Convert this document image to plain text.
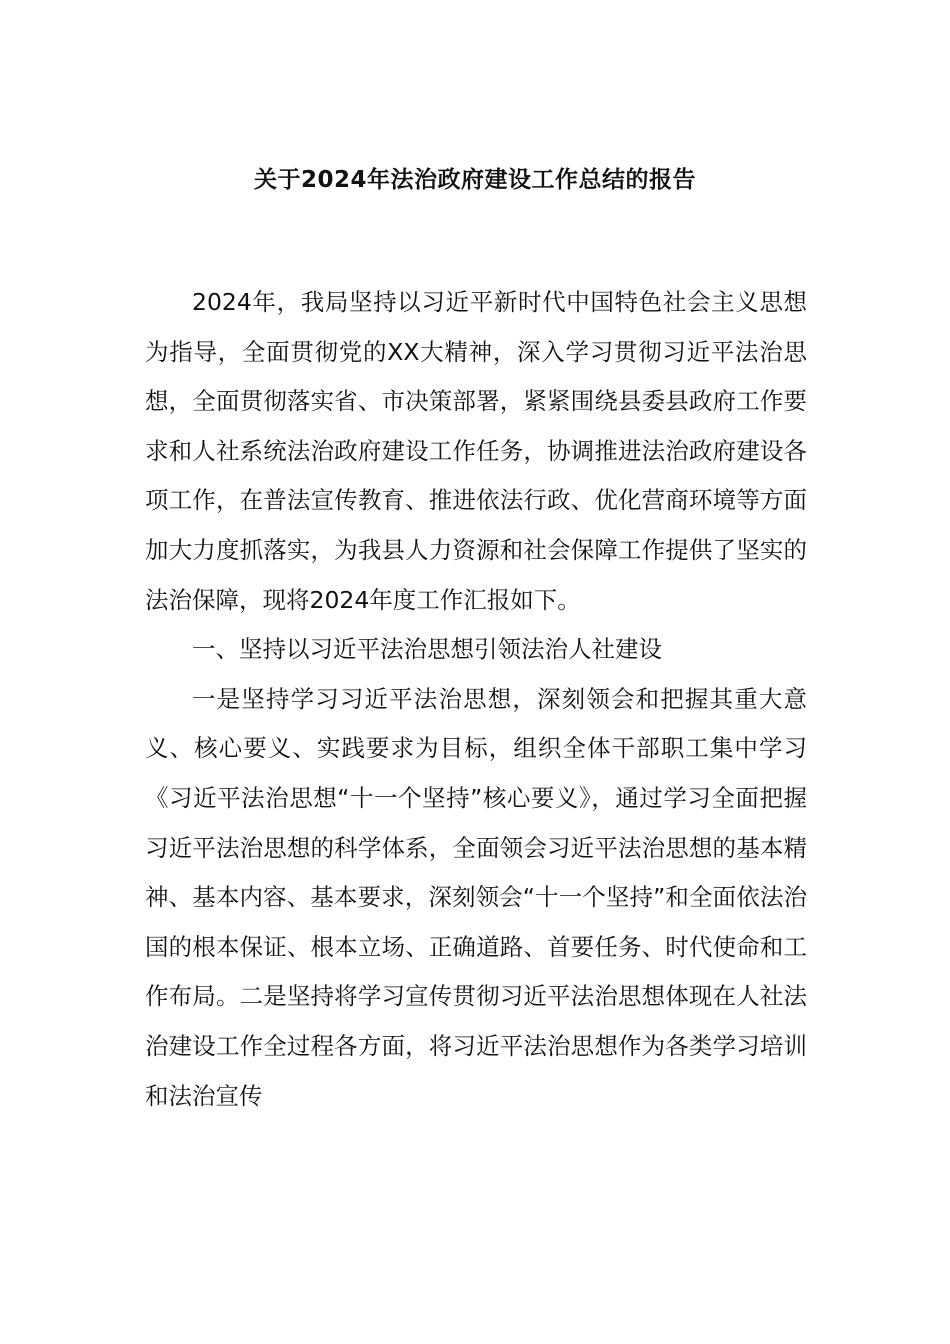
关于2024年法治政府建设工作总结的报告

2024年，我局坚持以习近平新时代中国特色社会主义思想为指导，全面贯彻党的XX大精神，深入学习贯彻习近平法治思想，全面贯彻落实省、市决策部署，紧紧围绕县委县政府工作要求和人社系统法治政府建设工作任务，协调推进法治政府建设各项工作，在普法宣传教育、推进依法行政、优化营商环境等方面加大力度抓落实，为我县人力资源和社会保障工作提供了坚实的法治保障，现将2024年度工作汇报如下。

一、坚持以习近平法治思想引领法治人社建设

一是坚持学习习近平法治思想，深刻领会和把握其重大意义、核心要义、实践要求为目标，组织全体干部职工集中学习《习近平法治思想“十一个坚持”核心要义》，通过学习全面把握习近平法治思想的科学体系，全面领会习近平法治思想的基本精神、基本内容、基本要求，深刻领会“十一个坚持”和全面依法治国的根本保证、根本立场、正确道路、首要任务、时代使命和工作布局。二是坚持将学习宣传贯彻习近平法治思想体现在人社法治建设工作全过程各方面，将习近平法治思想作为各类学习培训和法治宣传
